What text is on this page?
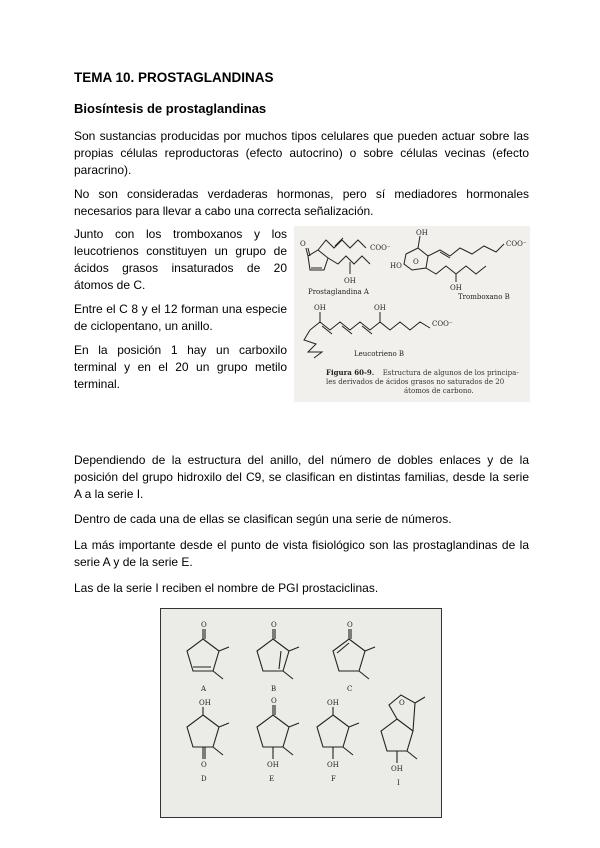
TEMA 10. PROSTAGLANDINAS
Biosíntesis de prostaglandinas

Son sustancias producidas por muchos tipos celulares que pueden actuar sobre las propias células reproductoras (efecto autocrino) o sobre células vecinas (efecto paracrino).

No son consideradas verdaderas hormonas, pero sí mediadores hormonales necesarios para llevar a cabo una correcta señalización.

Junto con los tromboxanos y los leucotrienos constituyen un grupo de ácidos grasos insaturados de 20 átomos de C.

Entre el C 8 y el 12 forman una especie de ciclopentano, un anillo.

En la posición 1 hay un carboxilo terminal y en el 20 un grupo metilo terminal.

O	COO⁻
OH
Prostaglandina A
OH
COO⁻
HO O
OH
Tromboxano B
OH	OH
COO⁻
Leucotrieno B
Figura 60-9. Estructura de algunos de los principa-
les derivados de ácidos grasos no saturados de 20
átomos de carbono.

Dependiendo de la estructura del anillo, del número de dobles enlaces y de la posición del grupo hidroxilo del C9, se clasifican en distintas familias, desde la serie A a la serie I.

Dentro de cada una de ellas se clasifican según una serie de números.

La más importante desde el punto de vista fisiológico son las prostaglandinas de la serie A y de la serie E.

Las de la serie I reciben el nombre de PGI prostaciclinas.

O	O	O
OH
O
O
OH
OH
OH
O
OH
A	B	C
D	E	F	I
